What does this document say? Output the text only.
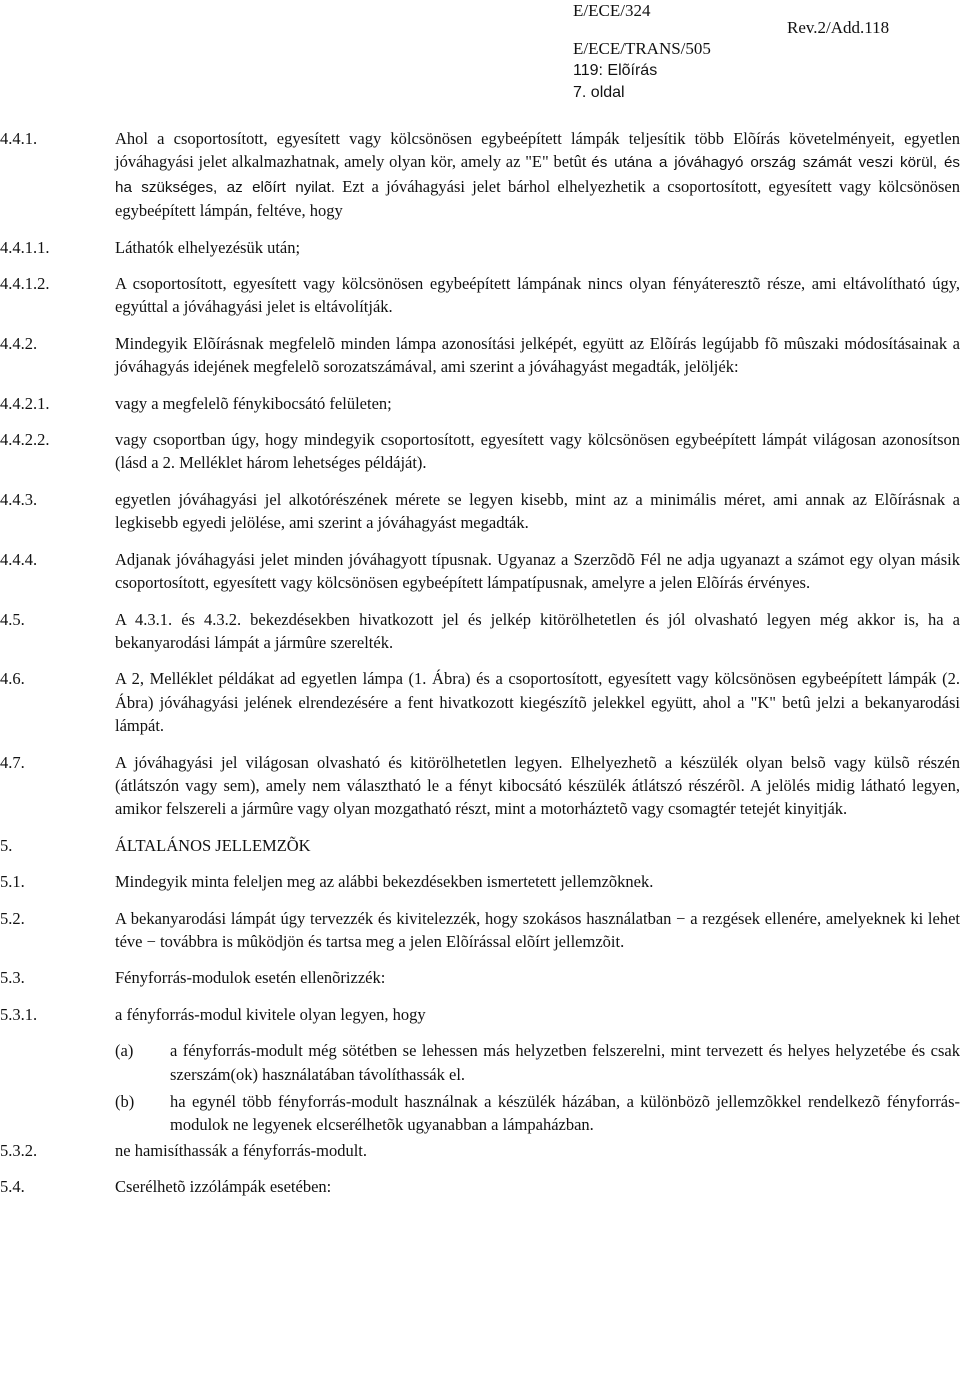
E/ECE/324
E/ECE/TRANS/505
119: Elõírás
7. oldal
Rev.2/Add.118
4.4.1.	Ahol a csoportosított, egyesített vagy kölcsönösen egybeépített lámpák teljesítik több Elõírás követelményeit, egyetlen jóváhagyási jelet alkalmazhatnak, amely olyan kör, amely az "E" betût és utána a jóváhagyó ország számát veszi körül, és ha szükséges, az elõírt nyilat. Ezt a jóváhagyási jelet bárhol elhelyezhetik a csoportosított, egyesített vagy kölcsönösen egybeépített lámpán, feltéve, hogy
4.4.1.1.	Láthatók elhelyezésük után;
4.4.1.2.	A csoportosított, egyesített vagy kölcsönösen egybeépített lámpának nincs olyan fényáteresztõ része, ami eltávolítható úgy, egyúttal a jóváhagyási jelet is eltávolítják.
4.4.2.	Mindegyik Elõírásnak megfelelõ minden lámpa azonosítási jelképét, együtt az Elõírás legújabb fõ mûszaki módosításainak a jóváhagyás idejének megfelelõ sorozatszámával, ami szerint a jóváhagyást megadták, jelöljék:
4.4.2.1.	vagy a megfelelõ fénykibocsátó felületen;
4.4.2.2.	vagy csoportban úgy, hogy mindegyik csoportosított, egyesített vagy kölcsönösen egybeépített lámpát világosan azonosítson (lásd a 2. Melléklet három lehetséges példáját).
4.4.3.	egyetlen jóváhagyási jel alkotórészének mérete se legyen kisebb, mint az a minimális méret, ami annak az Elõírásnak a legkisebb egyedi jelölése, ami szerint a jóváhagyást megadták.
4.4.4.	Adjanak jóváhagyási jelet minden jóváhagyott típusnak. Ugyanaz a Szerzõdõ Fél ne adja ugyanazt a számot egy olyan másik csoportosított, egyesített vagy kölcsönösen egybeépített lámpatípusnak, amelyre a jelen Elõírás érvényes.
4.5.	A 4.3.1. és 4.3.2. bekezdésekben hivatkozott jel és jelkép kitörölhetetlen és jól olvasható legyen még akkor is, ha a bekanyarodási lámpát a jármûre szerelték.
4.6.	A 2, Melléklet példákat ad egyetlen lámpa (1. Ábra) és a csoportosított, egyesített vagy kölcsönösen egybeépített lámpák (2. Ábra) jóváhagyási jelének elrendezésére a fent hivatkozott kiegészítõ jelekkel együtt, ahol a "K" betû jelzi a bekanyarodási lámpát.
4.7.	A jóváhagyási jel világosan olvasható és kitörölhetetlen legyen. Elhelyezhetõ a készülék olyan belsõ vagy külsõ részén (átlátszón vagy sem), amely nem választható le a fényt kibocsátó készülék átlátszó részérõl. A jelölés midig látható legyen, amikor felszereli a jármûre vagy olyan mozgatható részt, mint a motorháztetõ vagy csomagtér tetejét kinyitják.
5.	ÁLTALÁNOS JELLEMZÕK
5.1.	Mindegyik minta feleljen meg az alábbi bekezdésekben ismertetett jellemzõknek.
5.2.	A bekanyarodási lámpát úgy tervezzék és kivitelezzék, hogy szokásos használatban − a rezgések ellenére, amelyeknek ki lehet téve − továbbra is mûködjön és tartsa meg a jelen Elõírással elõírt jellemzõit.
5.3.	Fényforrás-modulok esetén ellenõrizzék:
5.3.1.	a fényforrás-modul kivitele olyan legyen, hogy
(a)	a fényforrás-modult még sötétben se lehessen más helyzetben felszerelni, mint tervezett és helyes helyzetébe és csak szerszám(ok) használatában távolíthassák el.
(b)	ha egynél több fényforrás-modult használnak a készülék házában, a különbözõ jellemzõkkel rendelkezõ fényforrás-modulok ne legyenek elcserélhetõk ugyanabban a lámpaházban.
5.3.2.	ne hamisíthassák a fényforrás-modult.
5.4.	Cserélhetõ izzólámpák esetében:
